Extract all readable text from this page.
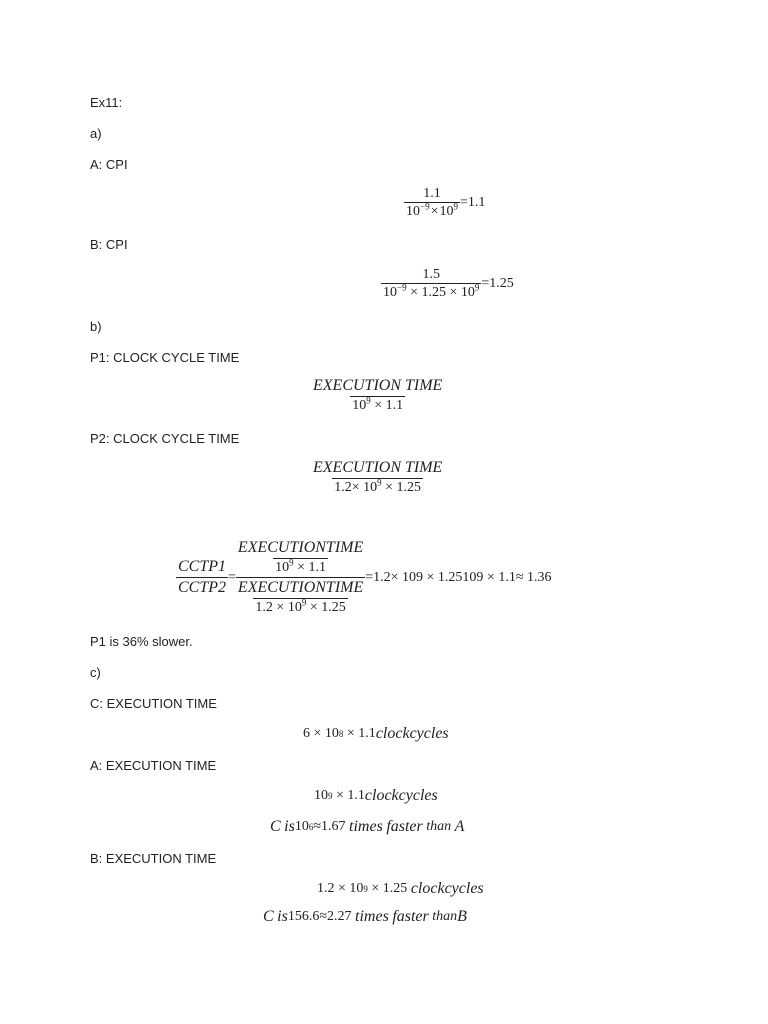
Ex11:
a)
A: CPI
$\frac{1.1}{10^{-9}\times 10^9} =1.1$
B: CPI
$\frac{1.5}{10^{-9} \times 1.25 \times 10^9} =1.25$
b)
P1: CLOCK CYCLE TIME
$\frac{\text{EXECUTION TIME}}{10^9 \times 1.1}$
P2: CLOCK CYCLE TIME
$\frac{\text{EXECUTION TIME}}{1.2\times 10^9 \times 1.25}$
$\frac{\text{CCTP1}}{\text{CCTP2}} = \frac{\frac{\text{EXECUTIONTIME}}{10^9 \times 1.1}}{\frac{\text{EXECUTIONTIME}}{1.2 \times 10^9 \times 1.25}} =1.2\times 109 \times 1.25109 \times 1.1\approx 1.36$
P1 is 36% slower.
c)
C: EXECUTION TIME
6 × 10 8
× 1.1 clockcycles
A: EXECUTION TIME
10 9
× 1.1 clockcycles
C
is 10 6 ≈1.67
times
faster
than
A
B: EXECUTION TIME
1.2 × 10 9
× 1.25
clockcycles
C
is 156.6≈2.27
times
faster
than B
